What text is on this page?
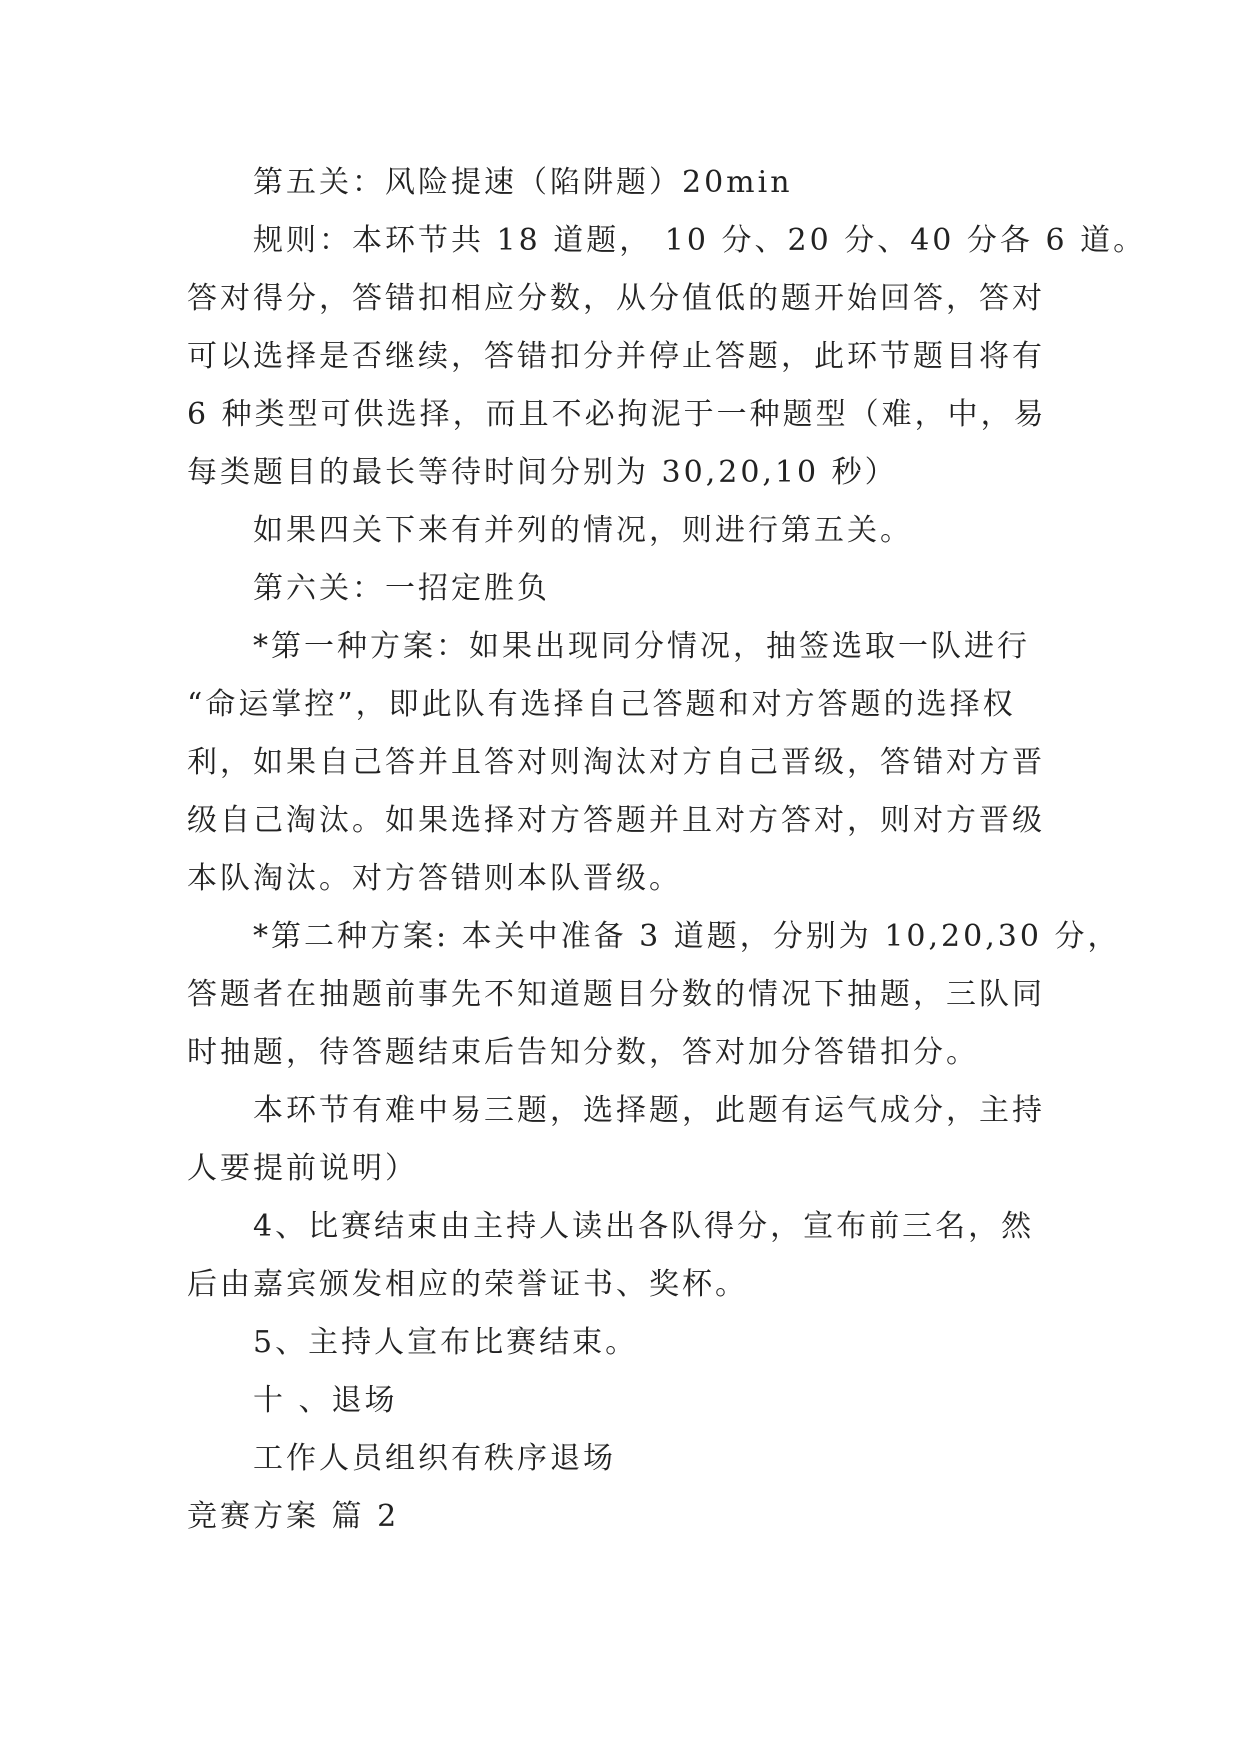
第五关：风险提速（陷阱题）20min

规则：本环节共 18 道题， 10 分、20 分、40 分各 6 道。

答对得分，答错扣相应分数，从分值低的题开始回答，答对

可以选择是否继续，答错扣分并停止答题，此环节题目将有

6 种类型可供选择，而且不必拘泥于一种题型（难，中，易

每类题目的最长等待时间分别为 30,20,10 秒）

如果四关下来有并列的情况，则进行第五关。

第六关：一招定胜负

*第一种方案：如果出现同分情况，抽签选取一队进行

“命运掌控”，即此队有选择自己答题和对方答题的选择权

利，如果自己答并且答对则淘汰对方自己晋级，答错对方晋

级自己淘汰。如果选择对方答题并且对方答对，则对方晋级

本队淘汰。对方答错则本队晋级。

*第二种方案: 本关中准备 3 道题，分别为 10,20,30 分，

答题者在抽题前事先不知道题目分数的情况下抽题，三队同

时抽题，待答题结束后告知分数，答对加分答错扣分。

本环节有难中易三题，选择题，此题有运气成分，主持

人要提前说明）

4、比赛结束由主持人读出各队得分，宣布前三名，然

后由嘉宾颁发相应的荣誉证书、奖杯。

5、主持人宣布比赛结束。

十 、退场

工作人员组织有秩序退场

竞赛方案 篇 2
